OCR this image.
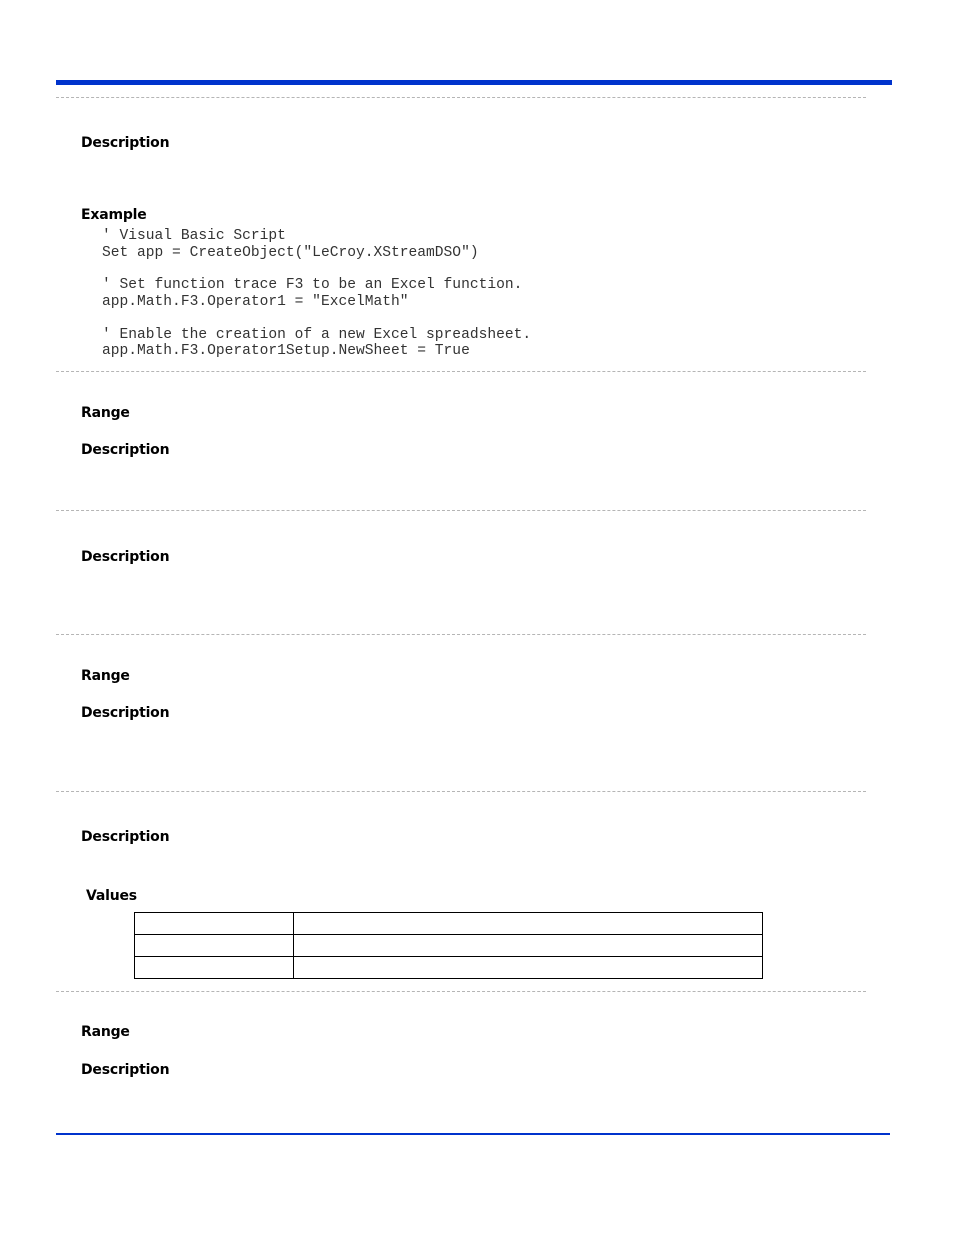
Description

Example

' Visual Basic Script
Set app = CreateObject("LeCroy.XStreamDSO")
' Set function trace F3 to be an Excel function.
app.Math.F3.Operator1 = "ExcelMath"
' Enable the creation of a new Excel spreadsheet.
app.Math.F3.Operator1Setup.NewSheet = True

Range

Description

Description

Range

Description

Description

Values

Range

Description
